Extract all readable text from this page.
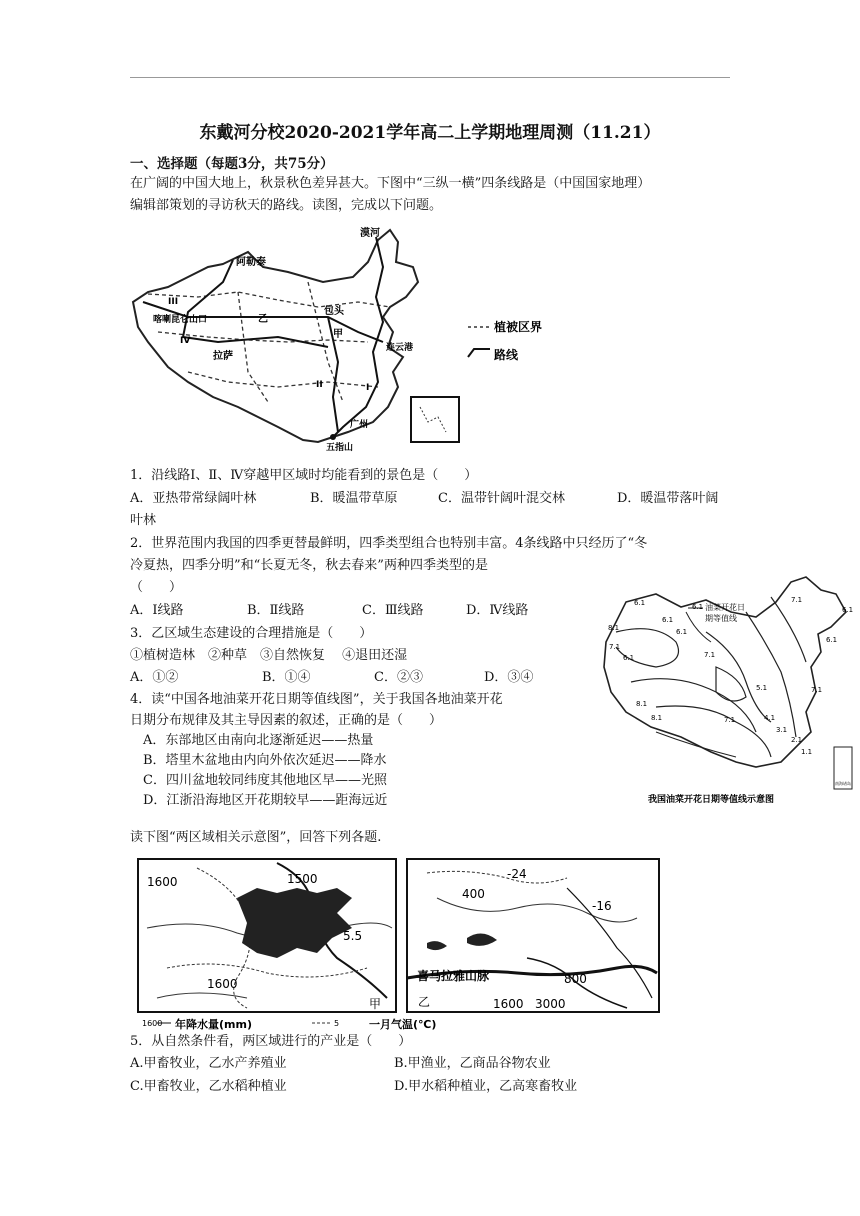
东戴河分校2020-2021学年高二上学期地理周测（11.21）
一、选择题（每题3分，共75分）
在广阔的中国大地上，秋景秋色差异甚大。下图中“三纵一横”四条线路是（中国国家地理）
编辑部策划的寻访秋天的路线。读图，完成以下问题。
漠河
阿勒泰
III
喀喇昆仑山口	乙
IV
包头
甲
拉萨
连云港
II	I
广州
五指山
植被区界
路线
1．沿线路Ⅰ、Ⅱ、Ⅳ穿越甲区域时均能看到的景色是（　　）
A．亚热带常绿阔叶林	B．暖温带草原	C．温带针阔叶混交林	D．暖温带落叶阔
叶林
2．世界范围内我国的四季更替最鲜明，四季类型组合也特别丰富。4条线路中只经历了“冬
冷夏热，四季分明”和“长夏无冬，秋去春来”两种四季类型的是
（　　）
A．Ⅰ线路	B．Ⅱ线路	C．Ⅲ线路	D．Ⅳ线路
3．乙区域生态建设的合理措施是（　　）
①植树造林　②种草　③自然恢复　 ④退田还湿
A．①②	B．①④	C．②③	D．③④
4．读“中国各地油菜开花日期等值线图”，关于我国各地油菜开花
日期分布规律及其主导因素的叙述，正确的是（　　）
A．东部地区由南向北逐渐延迟——热量
B．塔里木盆地由内向外依次延迟——降水
C．四川盆地较同纬度其他地区早——光照
D．江浙沿海地区开花期较早——距海远近
南海诸岛
油菜开花日
期等值线
6.1	6.1
6.1
6.1
7.1
7.1
6.1
8.1
7.1
6.1
8.1
5.1
4.1
3.1
2.1
1.1
7.1
8.1	7.1
6.1
我国油菜开花日期等值线示意图
读下图“两区域相关示意图”，回答下列各题.
1600	1500
5.5
1600
甲
-24
400
-16
喜马拉雅山脉	800
乙	1600 3000
1600 年降水量(mm)	5	一月气温(℃)
5．从自然条件看，两区域进行的产业是（　　）
A.甲畜牧业，乙水产养殖业	B.甲渔业，乙商品谷物农业
C.甲畜牧业，乙水稻种植业	D.甲水稻种植业，乙高寒畜牧业
